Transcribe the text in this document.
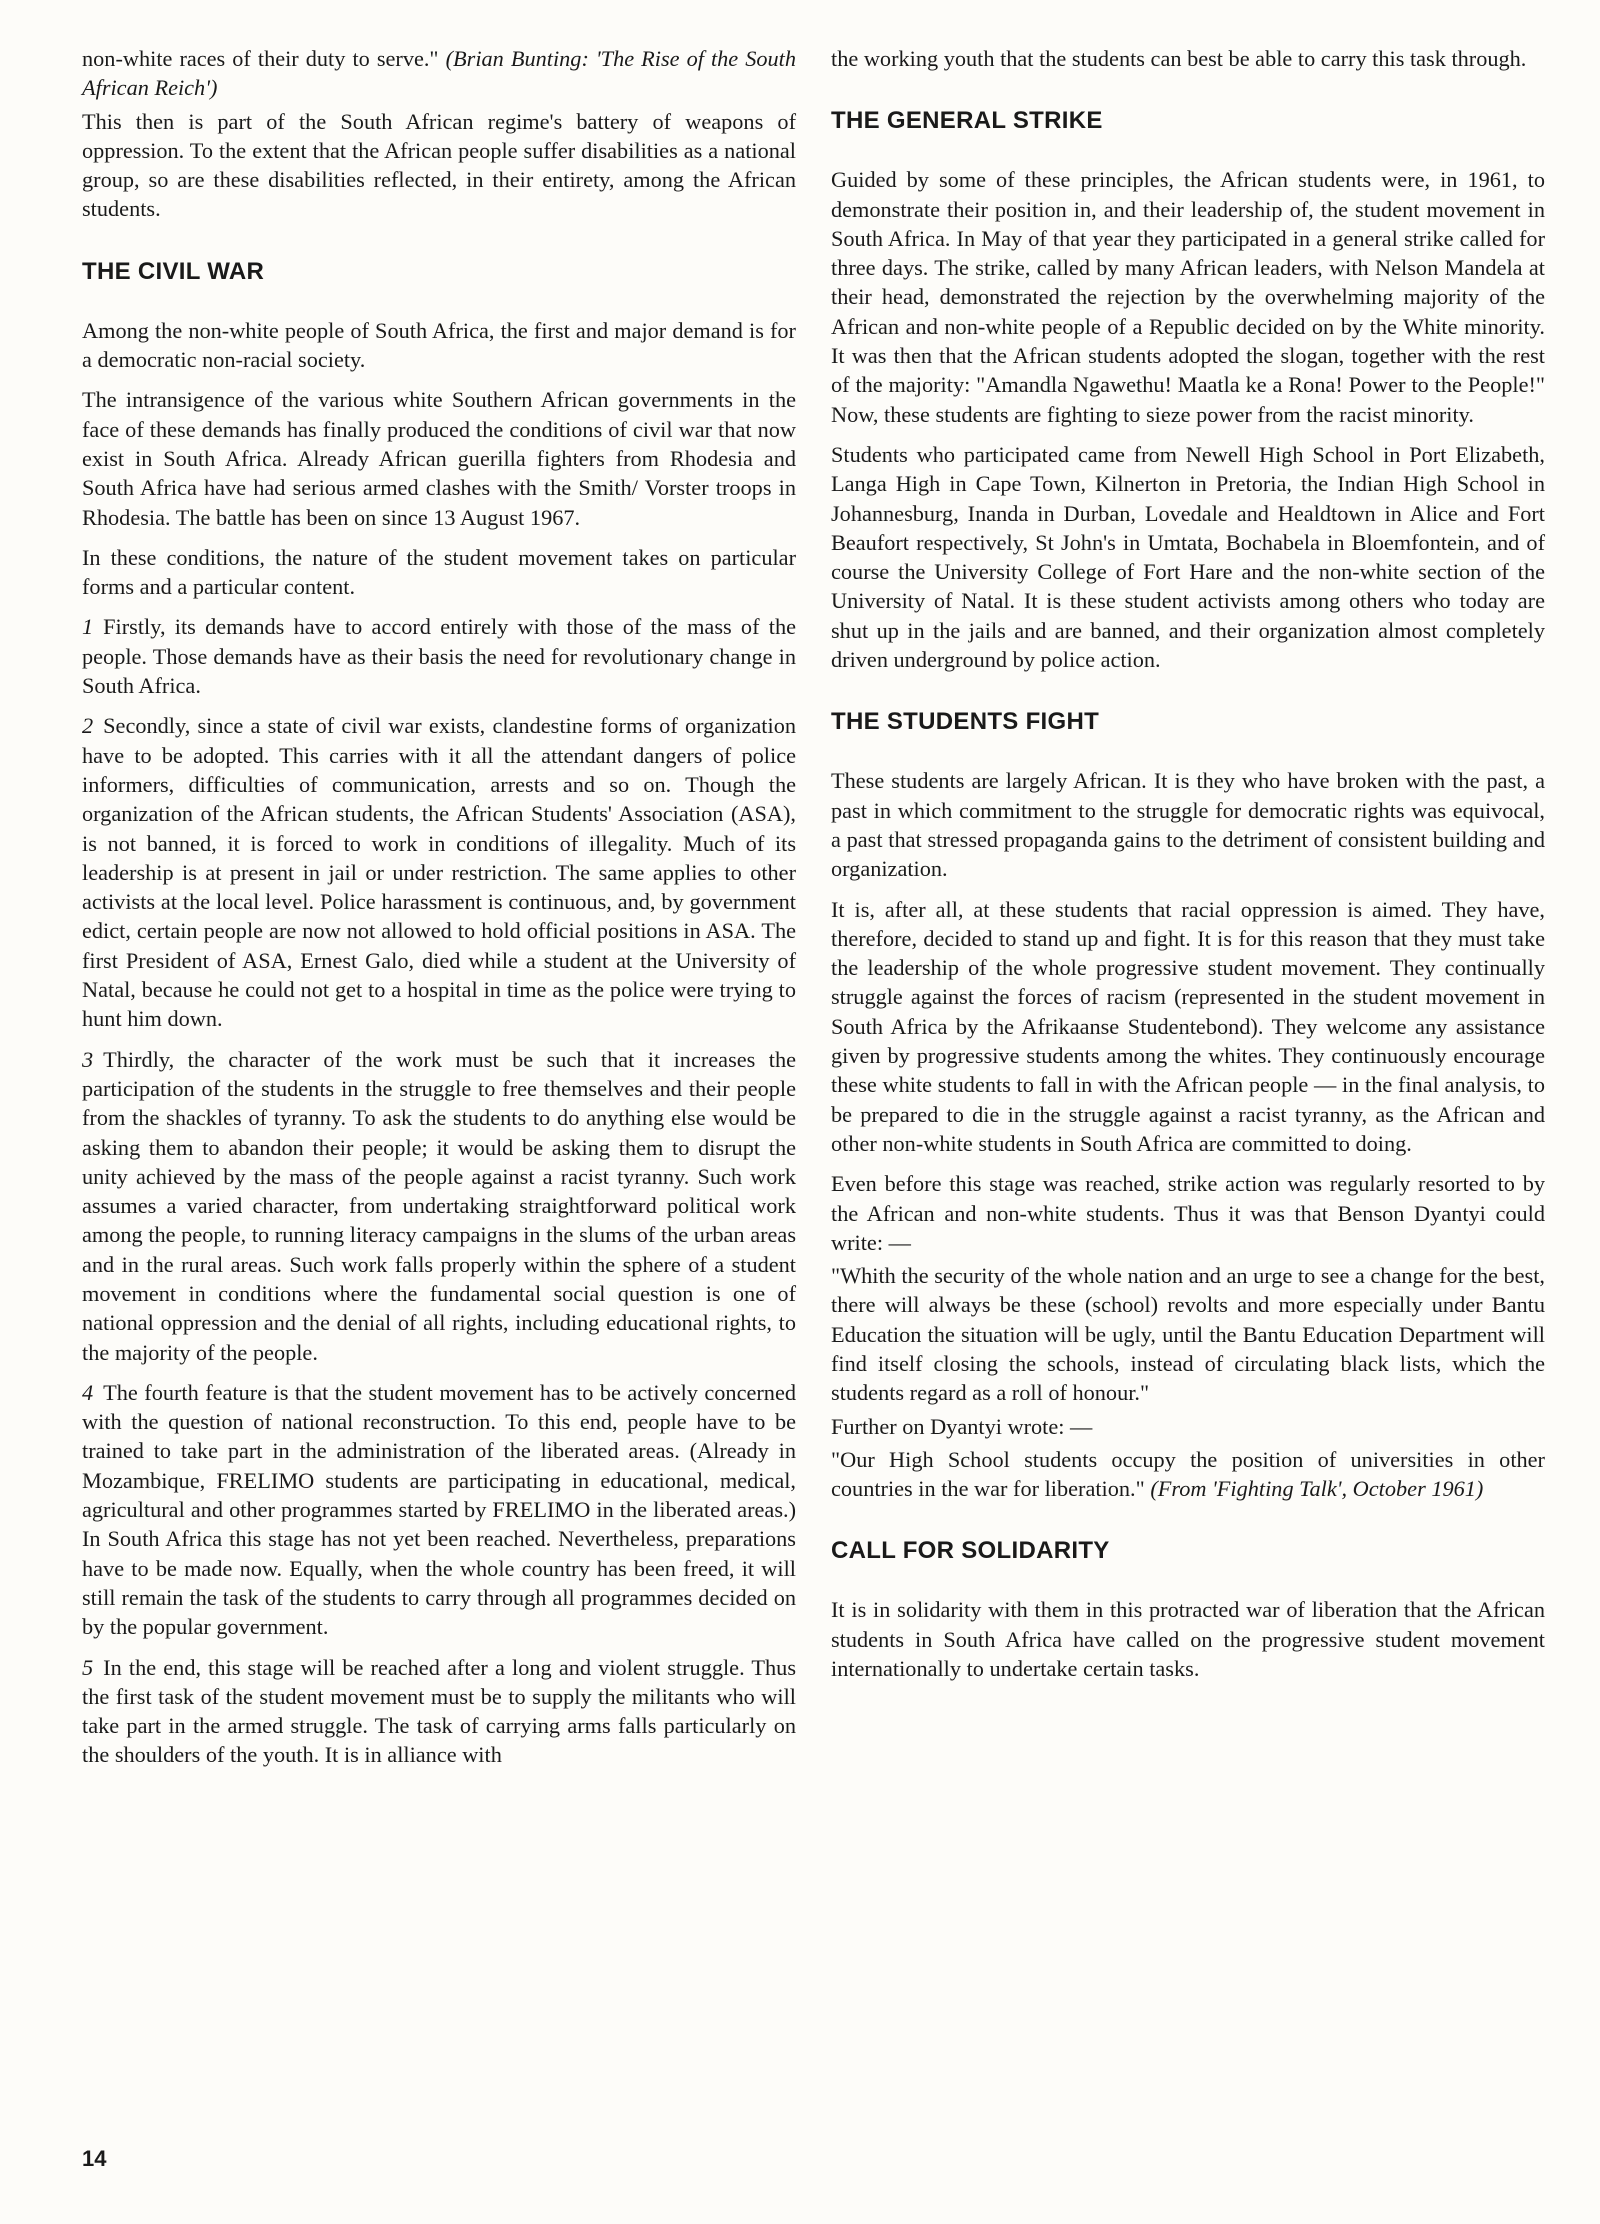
non-white races of their duty to serve." (Brian Bunting: 'The Rise of the South African Reich')

This then is part of the South African regime's battery of weapons of oppression. To the extent that the African people suffer disabilities as a national group, so are these disabilities reflected, in their entirety, among the African students.

THE CIVIL WAR

Among the non-white people of South Africa, the first and major demand is for a democratic non-racial society.

The intransigence of the various white Southern African governments in the face of these demands has finally produced the conditions of civil war that now exist in South Africa. Already African guerilla fighters from Rhodesia and South Africa have had serious armed clashes with the Smith/ Vorster troops in Rhodesia. The battle has been on since 13 August 1967.

In these conditions, the nature of the student movement takes on particular forms and a particular content.

1 Firstly, its demands have to accord entirely with those of the mass of the people. Those demands have as their basis the need for revolutionary change in South Africa.

2 Secondly, since a state of civil war exists, clandestine forms of organization have to be adopted. This carries with it all the attendant dangers of police informers, difficulties of communication, arrests and so on. Though the organization of the African students, the African Students' Association (ASA), is not banned, it is forced to work in conditions of illegality. Much of its leadership is at present in jail or under restriction. The same applies to other activists at the local level. Police harassment is continuous, and, by government edict, certain people are now not allowed to hold official positions in ASA. The first President of ASA, Ernest Galo, died while a student at the University of Natal, because he could not get to a hospital in time as the police were trying to hunt him down.

3 Thirdly, the character of the work must be such that it increases the participation of the students in the struggle to free themselves and their people from the shackles of tyranny. To ask the students to do anything else would be asking them to abandon their people; it would be asking them to disrupt the unity achieved by the mass of the people against a racist tyranny. Such work assumes a varied character, from undertaking straightforward political work among the people, to running literacy campaigns in the slums of the urban areas and in the rural areas. Such work falls properly within the sphere of a student movement in conditions where the fundamental social question is one of national oppression and the denial of all rights, including educational rights, to the majority of the people.

4 The fourth feature is that the student movement has to be actively concerned with the question of national reconstruction. To this end, people have to be trained to take part in the administration of the liberated areas. (Already in Mozambique, FRELIMO students are participating in educational, medical, agricultural and other programmes started by FRELIMO in the liberated areas.) In South Africa this stage has not yet been reached. Nevertheless, preparations have to be made now. Equally, when the whole country has been freed, it will still remain the task of the students to carry through all programmes decided on by the popular government.

5 In the end, this stage will be reached after a long and violent struggle. Thus the first task of the student movement must be to supply the militants who will take part in the armed struggle. The task of carrying arms falls particularly on the shoulders of the youth. It is in alliance with

the working youth that the students can best be able to carry this task through.

THE GENERAL STRIKE

Guided by some of these principles, the African students were, in 1961, to demonstrate their position in, and their leadership of, the student movement in South Africa. In May of that year they participated in a general strike called for three days. The strike, called by many African leaders, with Nelson Mandela at their head, demonstrated the rejection by the overwhelming majority of the African and non-white people of a Republic decided on by the White minority. It was then that the African students adopted the slogan, together with the rest of the majority: "Amandla Ngawethu! Maatla ke a Rona! Power to the People!" Now, these students are fighting to sieze power from the racist minority.

Students who participated came from Newell High School in Port Elizabeth, Langa High in Cape Town, Kilnerton in Pretoria, the Indian High School in Johannesburg, Inanda in Durban, Lovedale and Healdtown in Alice and Fort Beaufort respectively, St John's in Umtata, Bochabela in Bloemfontein, and of course the University College of Fort Hare and the non-white section of the University of Natal. It is these student activists among others who today are shut up in the jails and are banned, and their organization almost completely driven underground by police action.

THE STUDENTS FIGHT

These students are largely African. It is they who have broken with the past, a past in which commitment to the struggle for democratic rights was equivocal, a past that stressed propaganda gains to the detriment of consistent building and organization.

It is, after all, at these students that racial oppression is aimed. They have, therefore, decided to stand up and fight. It is for this reason that they must take the leadership of the whole progressive student movement. They continually struggle against the forces of racism (represented in the student movement in South Africa by the Afrikaanse Studentebond). They welcome any assistance given by progressive students among the whites. They continuously encourage these white students to fall in with the African people — in the final analysis, to be prepared to die in the struggle against a racist tyranny, as the African and other non-white students in South Africa are committed to doing.

Even before this stage was reached, strike action was regularly resorted to by the African and non-white students. Thus it was that Benson Dyantyi could write: —

"Whith the security of the whole nation and an urge to see a change for the best, there will always be these (school) revolts and more especially under Bantu Education the situation will be ugly, until the Bantu Education Department will find itself closing the schools, instead of circulating black lists, which the students regard as a roll of honour."

Further on Dyantyi wrote: —

"Our High School students occupy the position of universities in other countries in the war for liberation." (From 'Fighting Talk', October 1961)

CALL FOR SOLIDARITY

It is in solidarity with them in this protracted war of liberation that the African students in South Africa have called on the progressive student movement internationally to undertake certain tasks.

14
